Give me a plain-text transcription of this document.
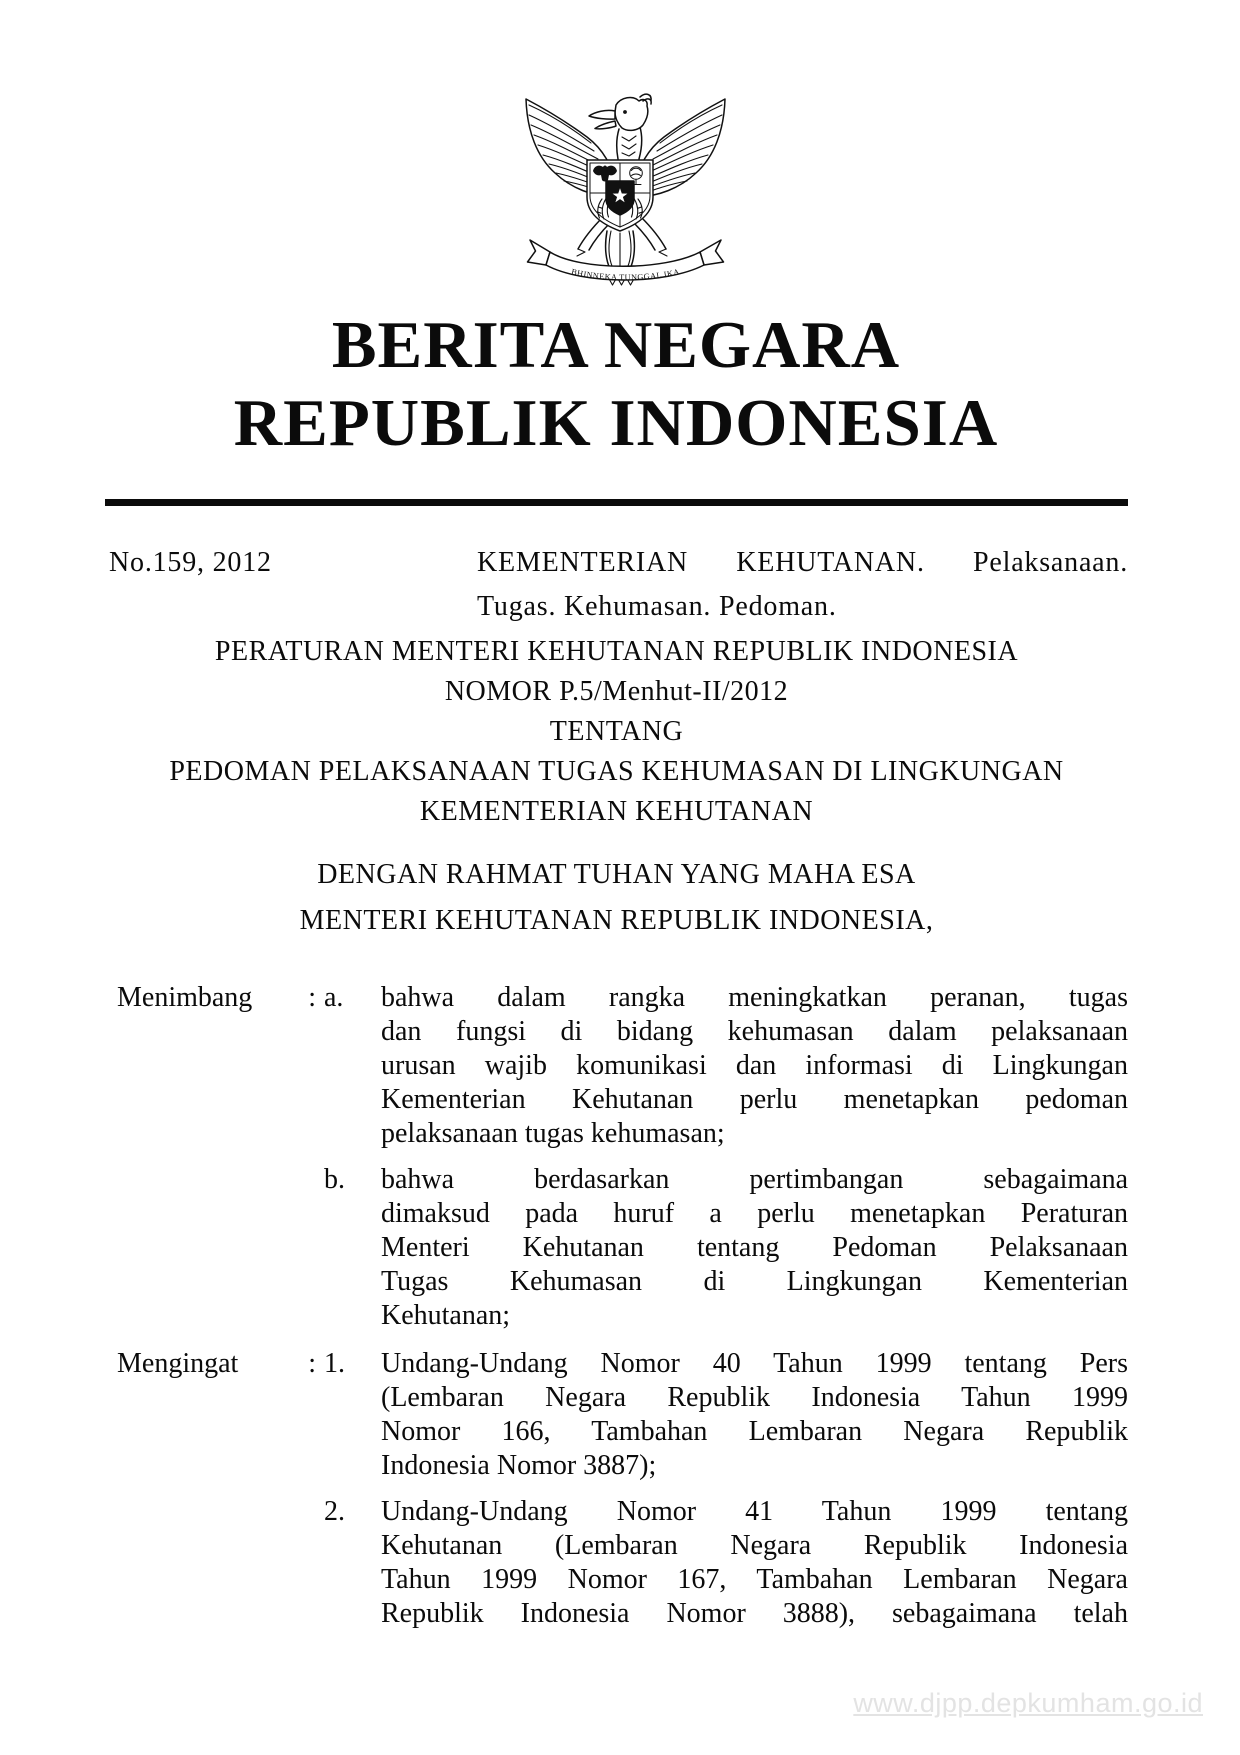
BHINNEKA TUNGGAL IKA
BERITA NEGARA
REPUBLIK INDONESIA
No.159, 2012	KEMENTERIAN KEHUTANAN. Pelaksanaan.
Tugas. Kehumasan. Pedoman.
PERATURAN MENTERI KEHUTANAN REPUBLIK INDONESIA
NOMOR P.5/Menhut-II/2012
TENTANG
PEDOMAN PELAKSANAAN TUGAS KEHUMASAN DI LINGKUNGAN
KEMENTERIAN KEHUTANAN
DENGAN RAHMAT TUHAN YANG MAHA ESA
MENTERI KEHUTANAN REPUBLIK INDONESIA,
Menimbang : a.	bahwa dalam rangka meningkatkan peranan, tugas
dan fungsi di bidang kehumasan dalam pelaksanaan
urusan wajib komunikasi dan informasi di Lingkungan
Kementerian Kehutanan perlu menetapkan pedoman
pelaksanaan tugas kehumasan;
b.	bahwa berdasarkan pertimbangan sebagaimana
dimaksud pada huruf a perlu menetapkan Peraturan
Menteri Kehutanan tentang Pedoman Pelaksanaan
Tugas Kehumasan di Lingkungan Kementerian
Kehutanan;
Mengingat : 1.	Undang-Undang Nomor 40 Tahun 1999 tentang Pers
(Lembaran Negara Republik Indonesia Tahun 1999
Nomor 166, Tambahan Lembaran Negara Republik
Indonesia Nomor 3887);
2.	Undang-Undang Nomor 41 Tahun 1999 tentang
Kehutanan (Lembaran Negara Republik Indonesia
Tahun 1999 Nomor 167, Tambahan Lembaran Negara
Republik Indonesia Nomor 3888), sebagaimana telah
www.djpp.depkumham.go.id
